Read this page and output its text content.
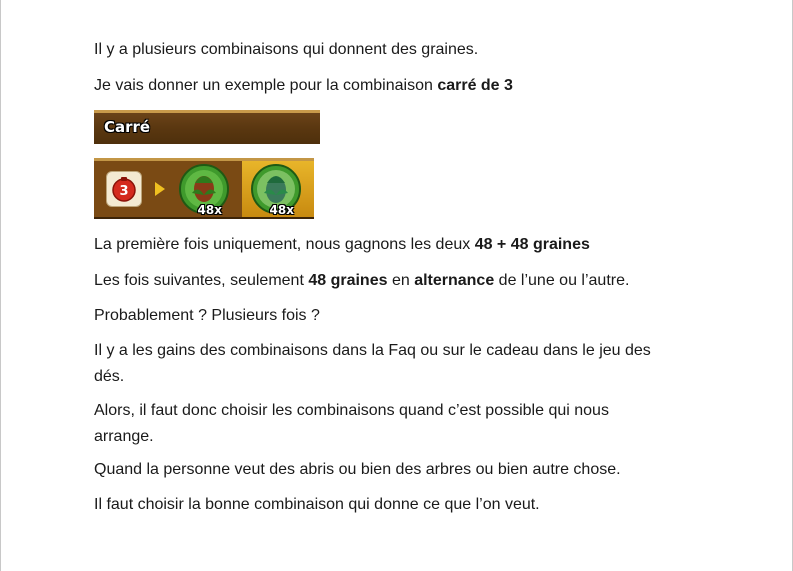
Il y a plusieurs combinaisons qui donnent des graines.

Je vais donner un exemple pour la combinaison carré de 3

La première fois uniquement, nous gagnons les deux 48 + 48 graines

Les fois suivantes, seulement 48 graines en alternance de l’une ou l’autre.

Probablement ? Plusieurs fois ?

Il y a les gains des combinaisons dans la Faq ou sur le cadeau dans le jeu des dés.

Alors, il faut donc choisir les combinaisons quand c’est possible qui nous arrange.

Quand la personne veut des abris ou bien des arbres ou bien autre chose.

Il faut choisir la bonne combinaison qui donne ce que l’on veut.

Carré
3
48x	48x
